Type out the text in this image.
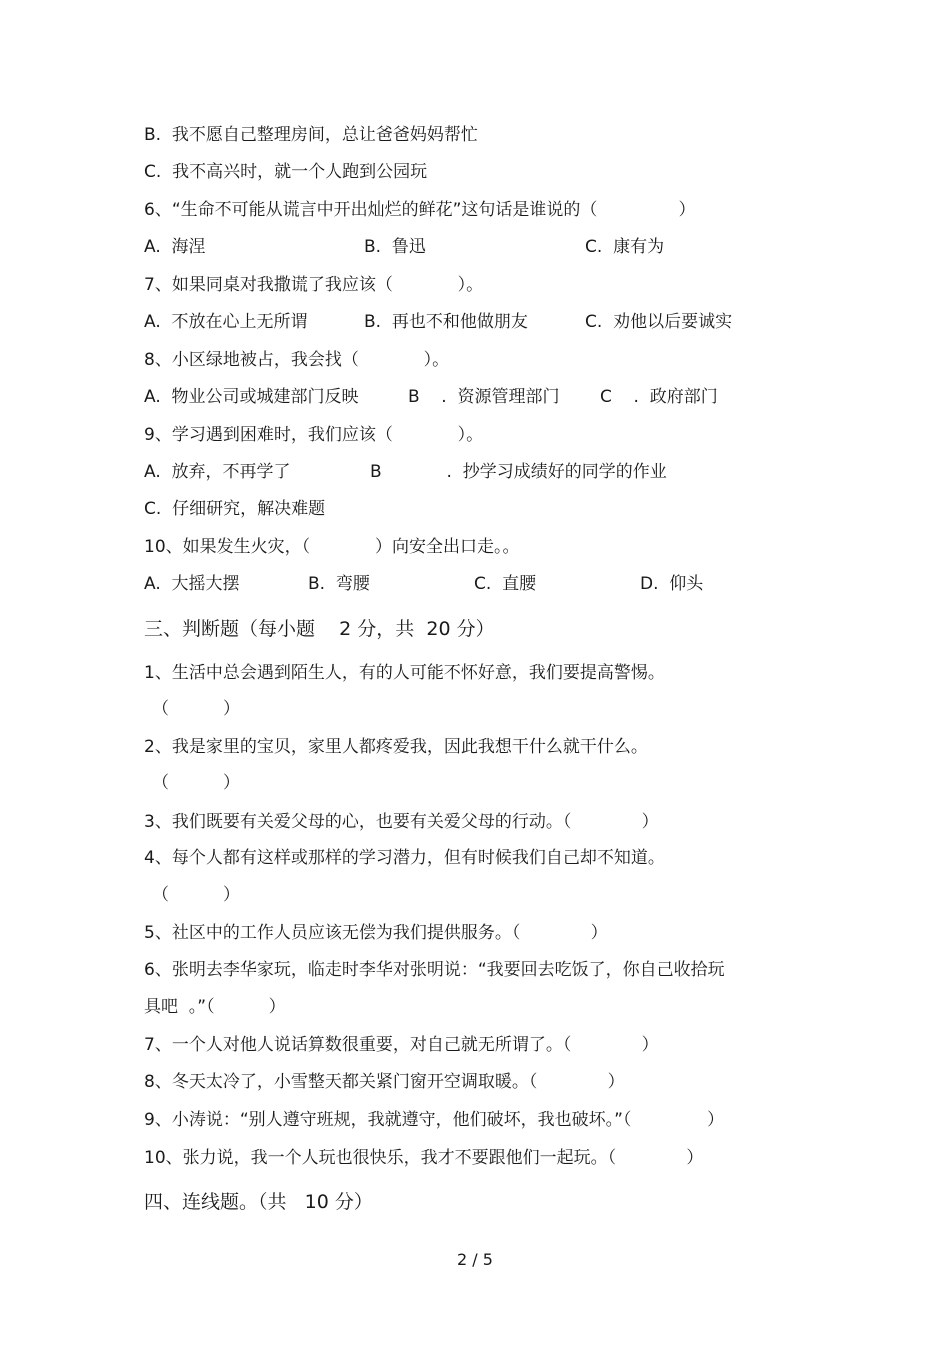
B.  我不愿自己整理房间，总让爸爸妈妈帮忙
C.  我不高兴时，就一个人跑到公园玩
6、“生命不可能从谎言中开出灿烂的鲜花”这句话是谁说的（               ）
A.  海涅	B.  鲁迅	C.  康有为
7、如果同桌对我撒谎了我应该（            ）。
A.  不放在心上无所谓	B.  再也不和他做朋友	C.  劝他以后要诚实
8、小区绿地被占，我会找（            ）。
A.  物业公司或城建部门反映	B    .  资源管理部门 C    .  政府部门
9、学习遇到困难时，我们应该（            ）。
A.  放弃，不再学了	B            .  抄学习成绩好的同学的作业
C.  仔细研究，解决难题
10、如果发生火灾，（            ）向安全出口走。。
A.  大摇大摆	B.  弯腰	C.  直腰	D.  仰头
三、判断题（每小题    2 分，共  20 分）
1、生活中总会遇到陌生人，有的人可能不怀好意，我们要提高警惕。
（          ）
2、我是家里的宝贝，家里人都疼爱我，因此我想干什么就干什么。
（          ）
3、我们既要有关爱父母的心，也要有关爱父母的行动。（             ）
4、每个人都有这样或那样的学习潜力，但有时候我们自己却不知道。
（          ）
5、社区中的工作人员应该无偿为我们提供服务。（             ）
6、张明去李华家玩，临走时李华对张明说：“我要回去吃饭了，你自己收拾玩
具吧  。”（          ）
7、一个人对他人说话算数很重要，对自己就无所谓了。（             ）
8、冬天太冷了，小雪整天都关紧门窗开空调取暖。（             ）
9、小涛说：“别人遵守班规，我就遵守，他们破坏，我也破坏。”（              ）
10、张力说，我一个人玩也很快乐，我才不要跟他们一起玩。（             ）
四、连线题。（共   10 分）
2 / 5
